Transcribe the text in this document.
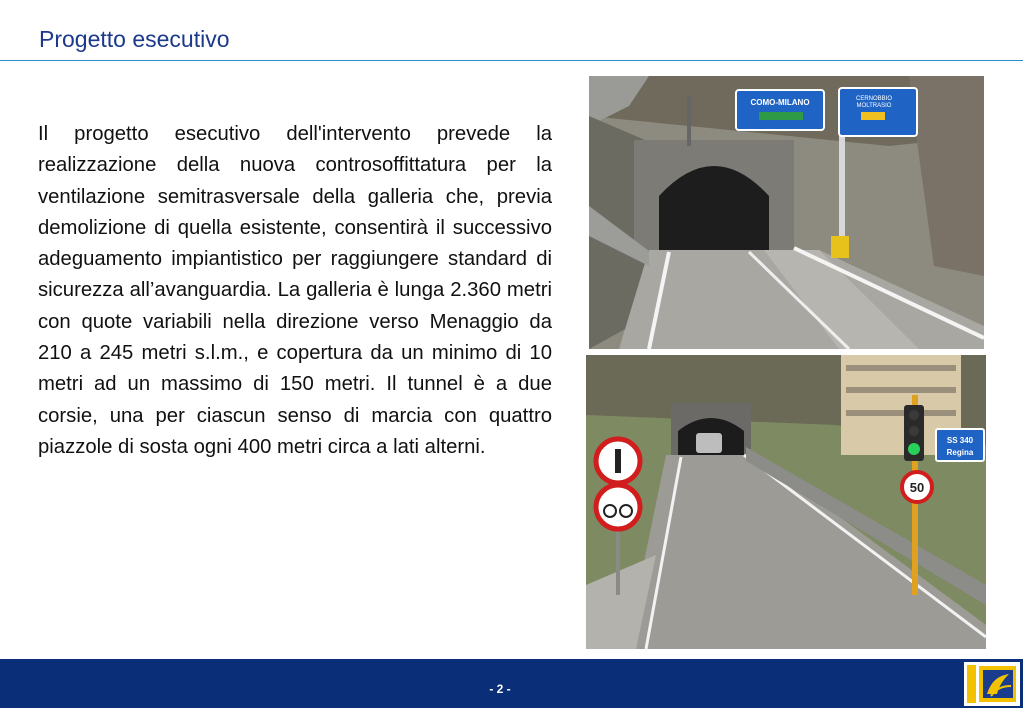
Progetto esecutivo

Il progetto esecutivo dell'intervento prevede la realizzazione della nuova controsoffittatura per la ventilazione semitrasversale della galleria che, previa demolizione di quella esistente, consentirà il successivo adeguamento impiantistico per raggiungere standard di sicurezza all’avanguardia. La galleria è lunga 2.360 metri con quote variabili nella direzione verso Menaggio da 210 a 245 metri s.l.m., e copertura da un minimo di 10 metri ad un massimo di 150 metri. Il tunnel è a due corsie, una per ciascun senso di marcia con quattro piazzole di sosta ogni 400 metri circa a lati alterni.

COMO-MILANO	CERNOBBIO
MOLTRASIO
50
SS 340
Regina
- 2 -
